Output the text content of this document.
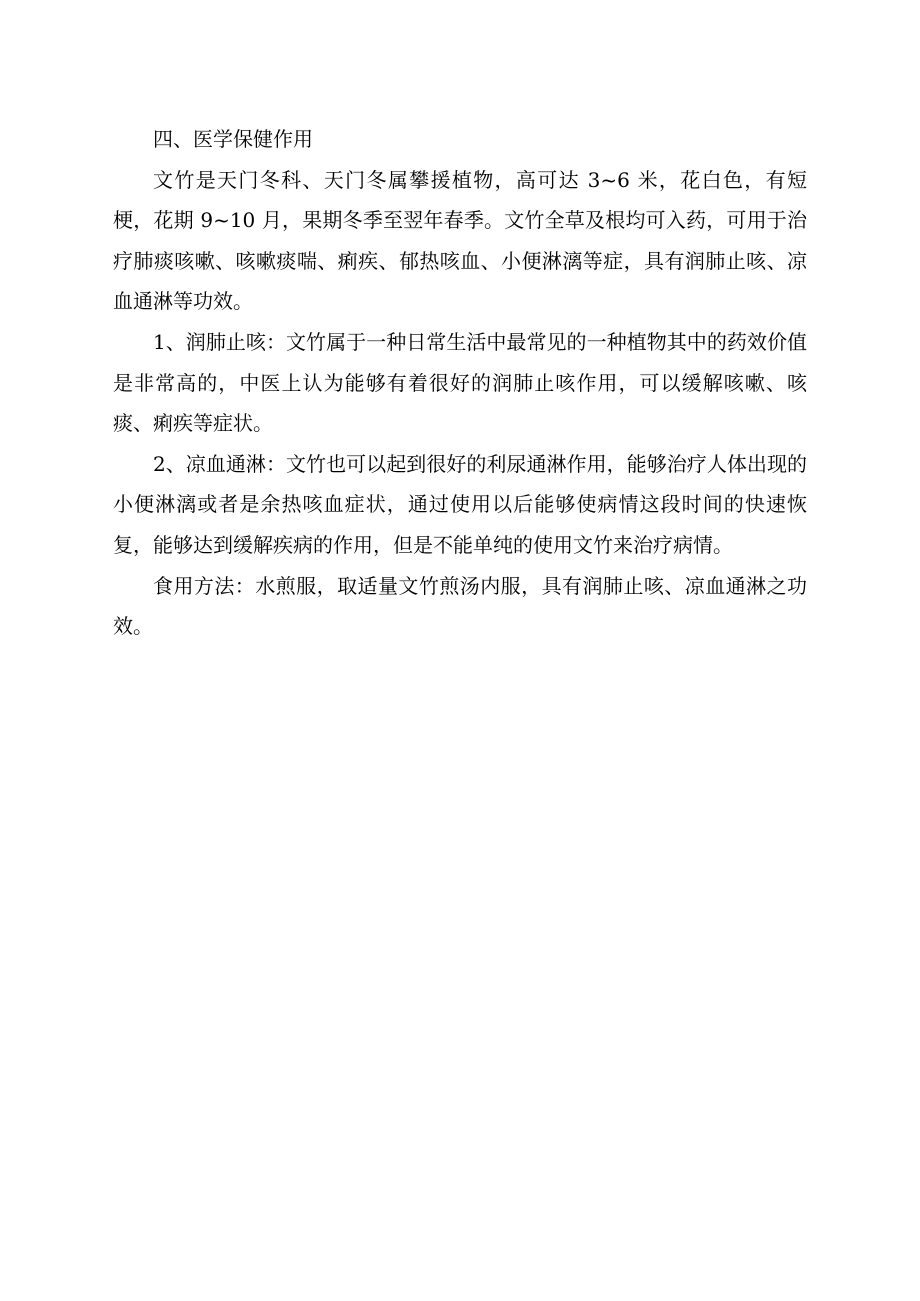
四、医学保健作用

文竹是天门冬科、天门冬属攀援植物，高可达 3~6 米，花白色，有短梗，花期 9~10 月，果期冬季至翌年春季。文竹全草及根均可入药，可用于治疗肺痰咳嗽、咳嗽痰喘、痢疾、郁热咳血、小便淋漓等症，具有润肺止咳、凉血通淋等功效。

1、润肺止咳：文竹属于一种日常生活中最常见的一种植物其中的药效价值是非常高的，中医上认为能够有着很好的润肺止咳作用，可以缓解咳嗽、咳痰、痢疾等症状。

2、凉血通淋：文竹也可以起到很好的利尿通淋作用，能够治疗人体出现的小便淋漓或者是余热咳血症状，通过使用以后能够使病情这段时间的快速恢复，能够达到缓解疾病的作用，但是不能单纯的使用文竹来治疗病情。

食用方法：水煎服，取适量文竹煎汤内服，具有润肺止咳、凉血通淋之功效。
